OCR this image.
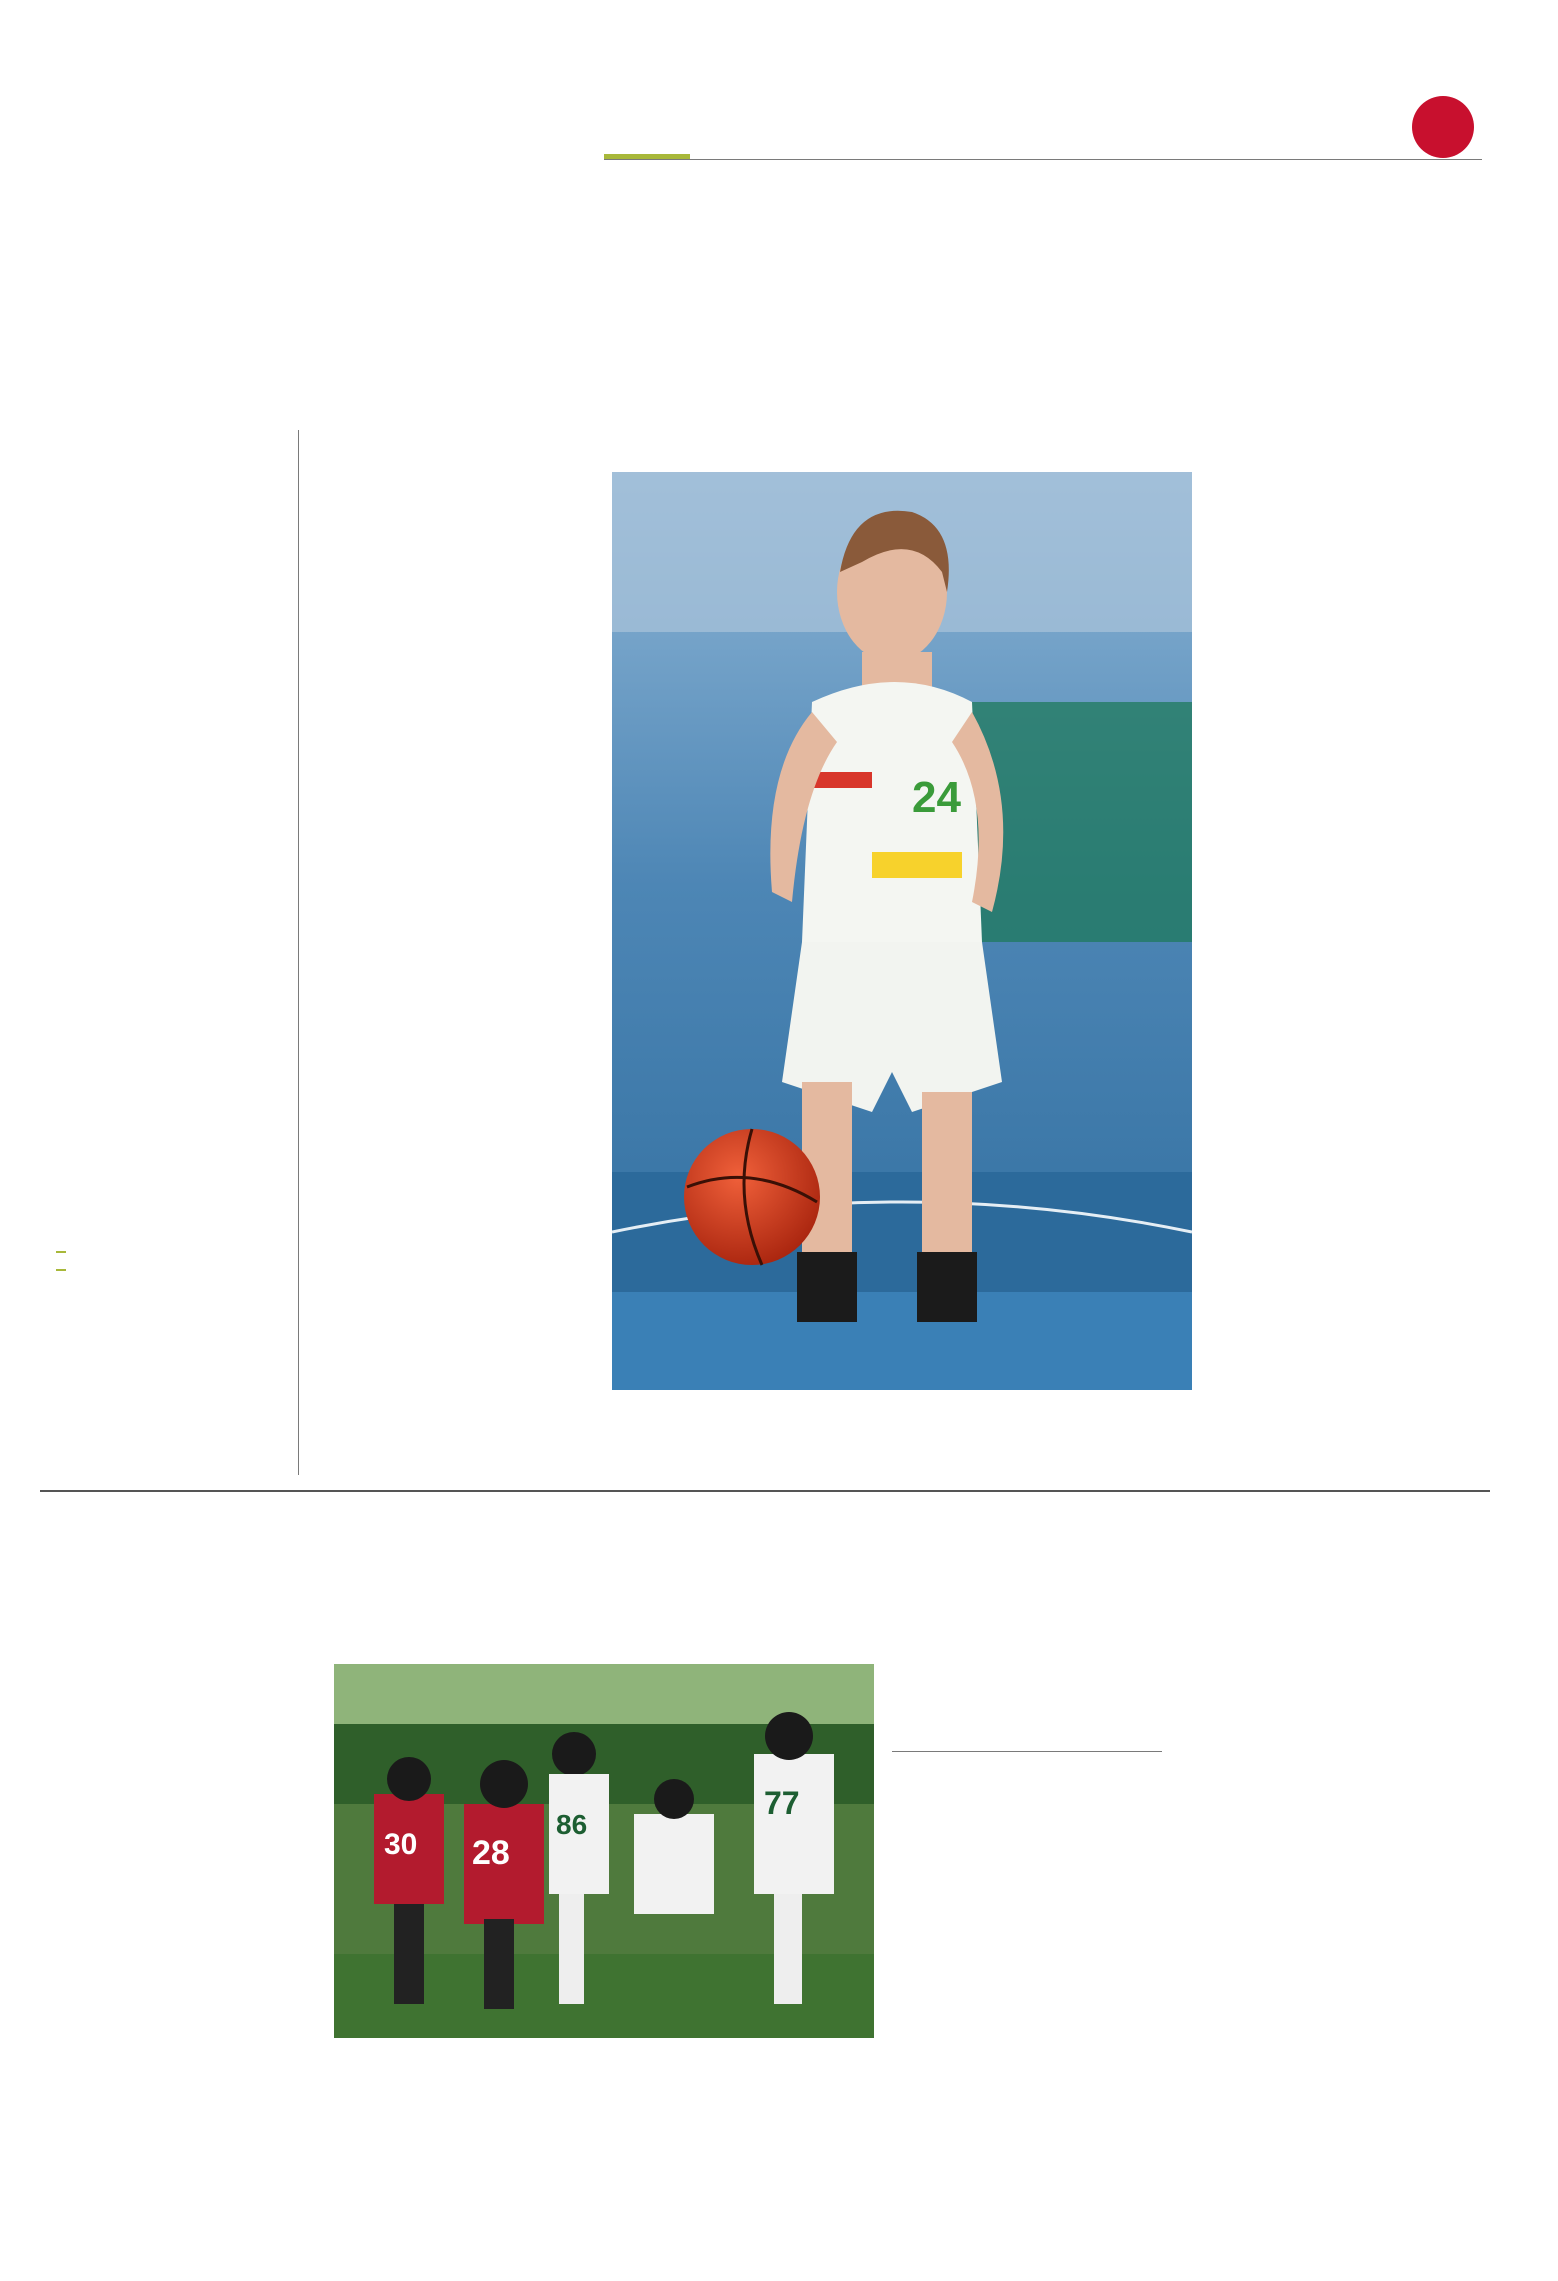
24

86
30 28
77
